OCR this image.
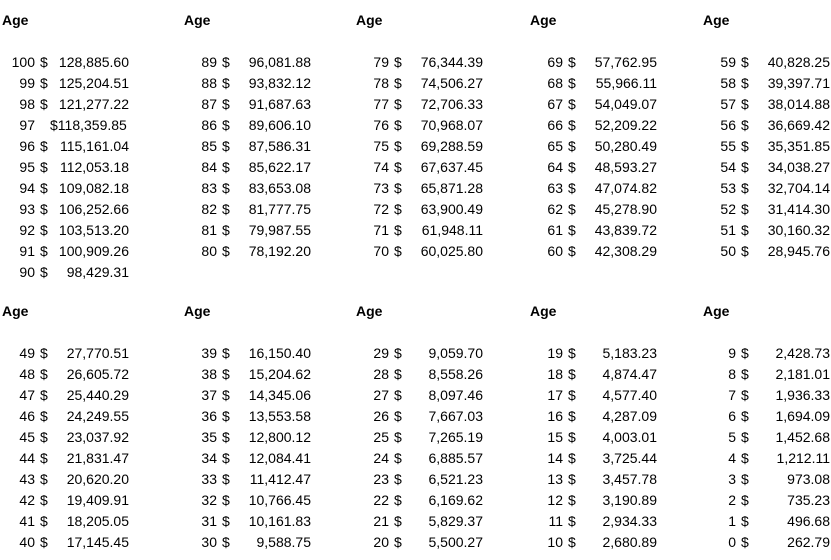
Age
100 $ 128,885.60
99 $ 125,204.51
98 $ 121,277.22
97 $118,359.85
96 $ 115,161.04
95 $ 112,053.18
94 $ 109,082.18
93 $ 106,252.66
92 $ 103,513.20
91 $ 100,909.26
90 $ 98,429.31
Age
89 $ 96,081.88
88 $ 93,832.12
87 $ 91,687.63
86 $ 89,606.10
85 $ 87,586.31
84 $ 85,622.17
83 $ 83,653.08
82 $ 81,777.75
81 $ 79,987.55
80 $ 78,192.20
Age
79 $ 76,344.39
78 $ 74,506.27
77 $ 72,706.33
76 $ 70,968.07
75 $ 69,288.59
74 $ 67,637.45
73 $ 65,871.28
72 $ 63,900.49
71 $ 61,948.11
70 $ 60,025.80
Age
69 $ 57,762.95
68 $ 55,966.11
67 $ 54,049.07
66 $ 52,209.22
65 $ 50,280.49
64 $ 48,593.27
63 $ 47,074.82
62 $ 45,278.90
61 $ 43,839.72
60 $ 42,308.29
Age
59 $ 40,828.25
58 $ 39,397.71
57 $ 38,014.88
56 $ 36,669.42
55 $ 35,351.85
54 $ 34,038.27
53 $ 32,704.14
52 $ 31,414.30
51 $ 30,160.32
50 $ 28,945.76
Age
49 $ 27,770.51
48 $ 26,605.72
47 $ 25,440.29
46 $ 24,249.55
45 $ 23,037.92
44 $ 21,831.47
43 $ 20,620.20
42 $ 19,409.91
41 $ 18,205.05
40 $ 17,145.45
Age
39 $ 16,150.40
38 $ 15,204.62
37 $ 14,345.06
36 $ 13,553.58
35 $ 12,800.12
34 $ 12,084.41
33 $ 11,412.47
32 $ 10,766.45
31 $ 10,161.83
30 $ 9,588.75
Age
29 $ 9,059.70
28 $ 8,558.26
27 $ 8,097.46
26 $ 7,667.03
25 $ 7,265.19
24 $ 6,885.57
23 $ 6,521.23
22 $ 6,169.62
21 $ 5,829.37
20 $ 5,500.27
Age
19 $ 5,183.23
18 $ 4,874.47
17 $ 4,577.40
16 $ 4,287.09
15 $ 4,003.01
14 $ 3,725.44
13 $ 3,457.78
12 $ 3,190.89
11 $ 2,934.33
10 $ 2,680.89
Age
9 $ 2,428.73
8 $ 2,181.01
7 $ 1,936.33
6 $ 1,694.09
5 $ 1,452.68
4 $ 1,212.11
3 $	973.08
2 $	735.23
1 $	496.68
0 $	262.79
